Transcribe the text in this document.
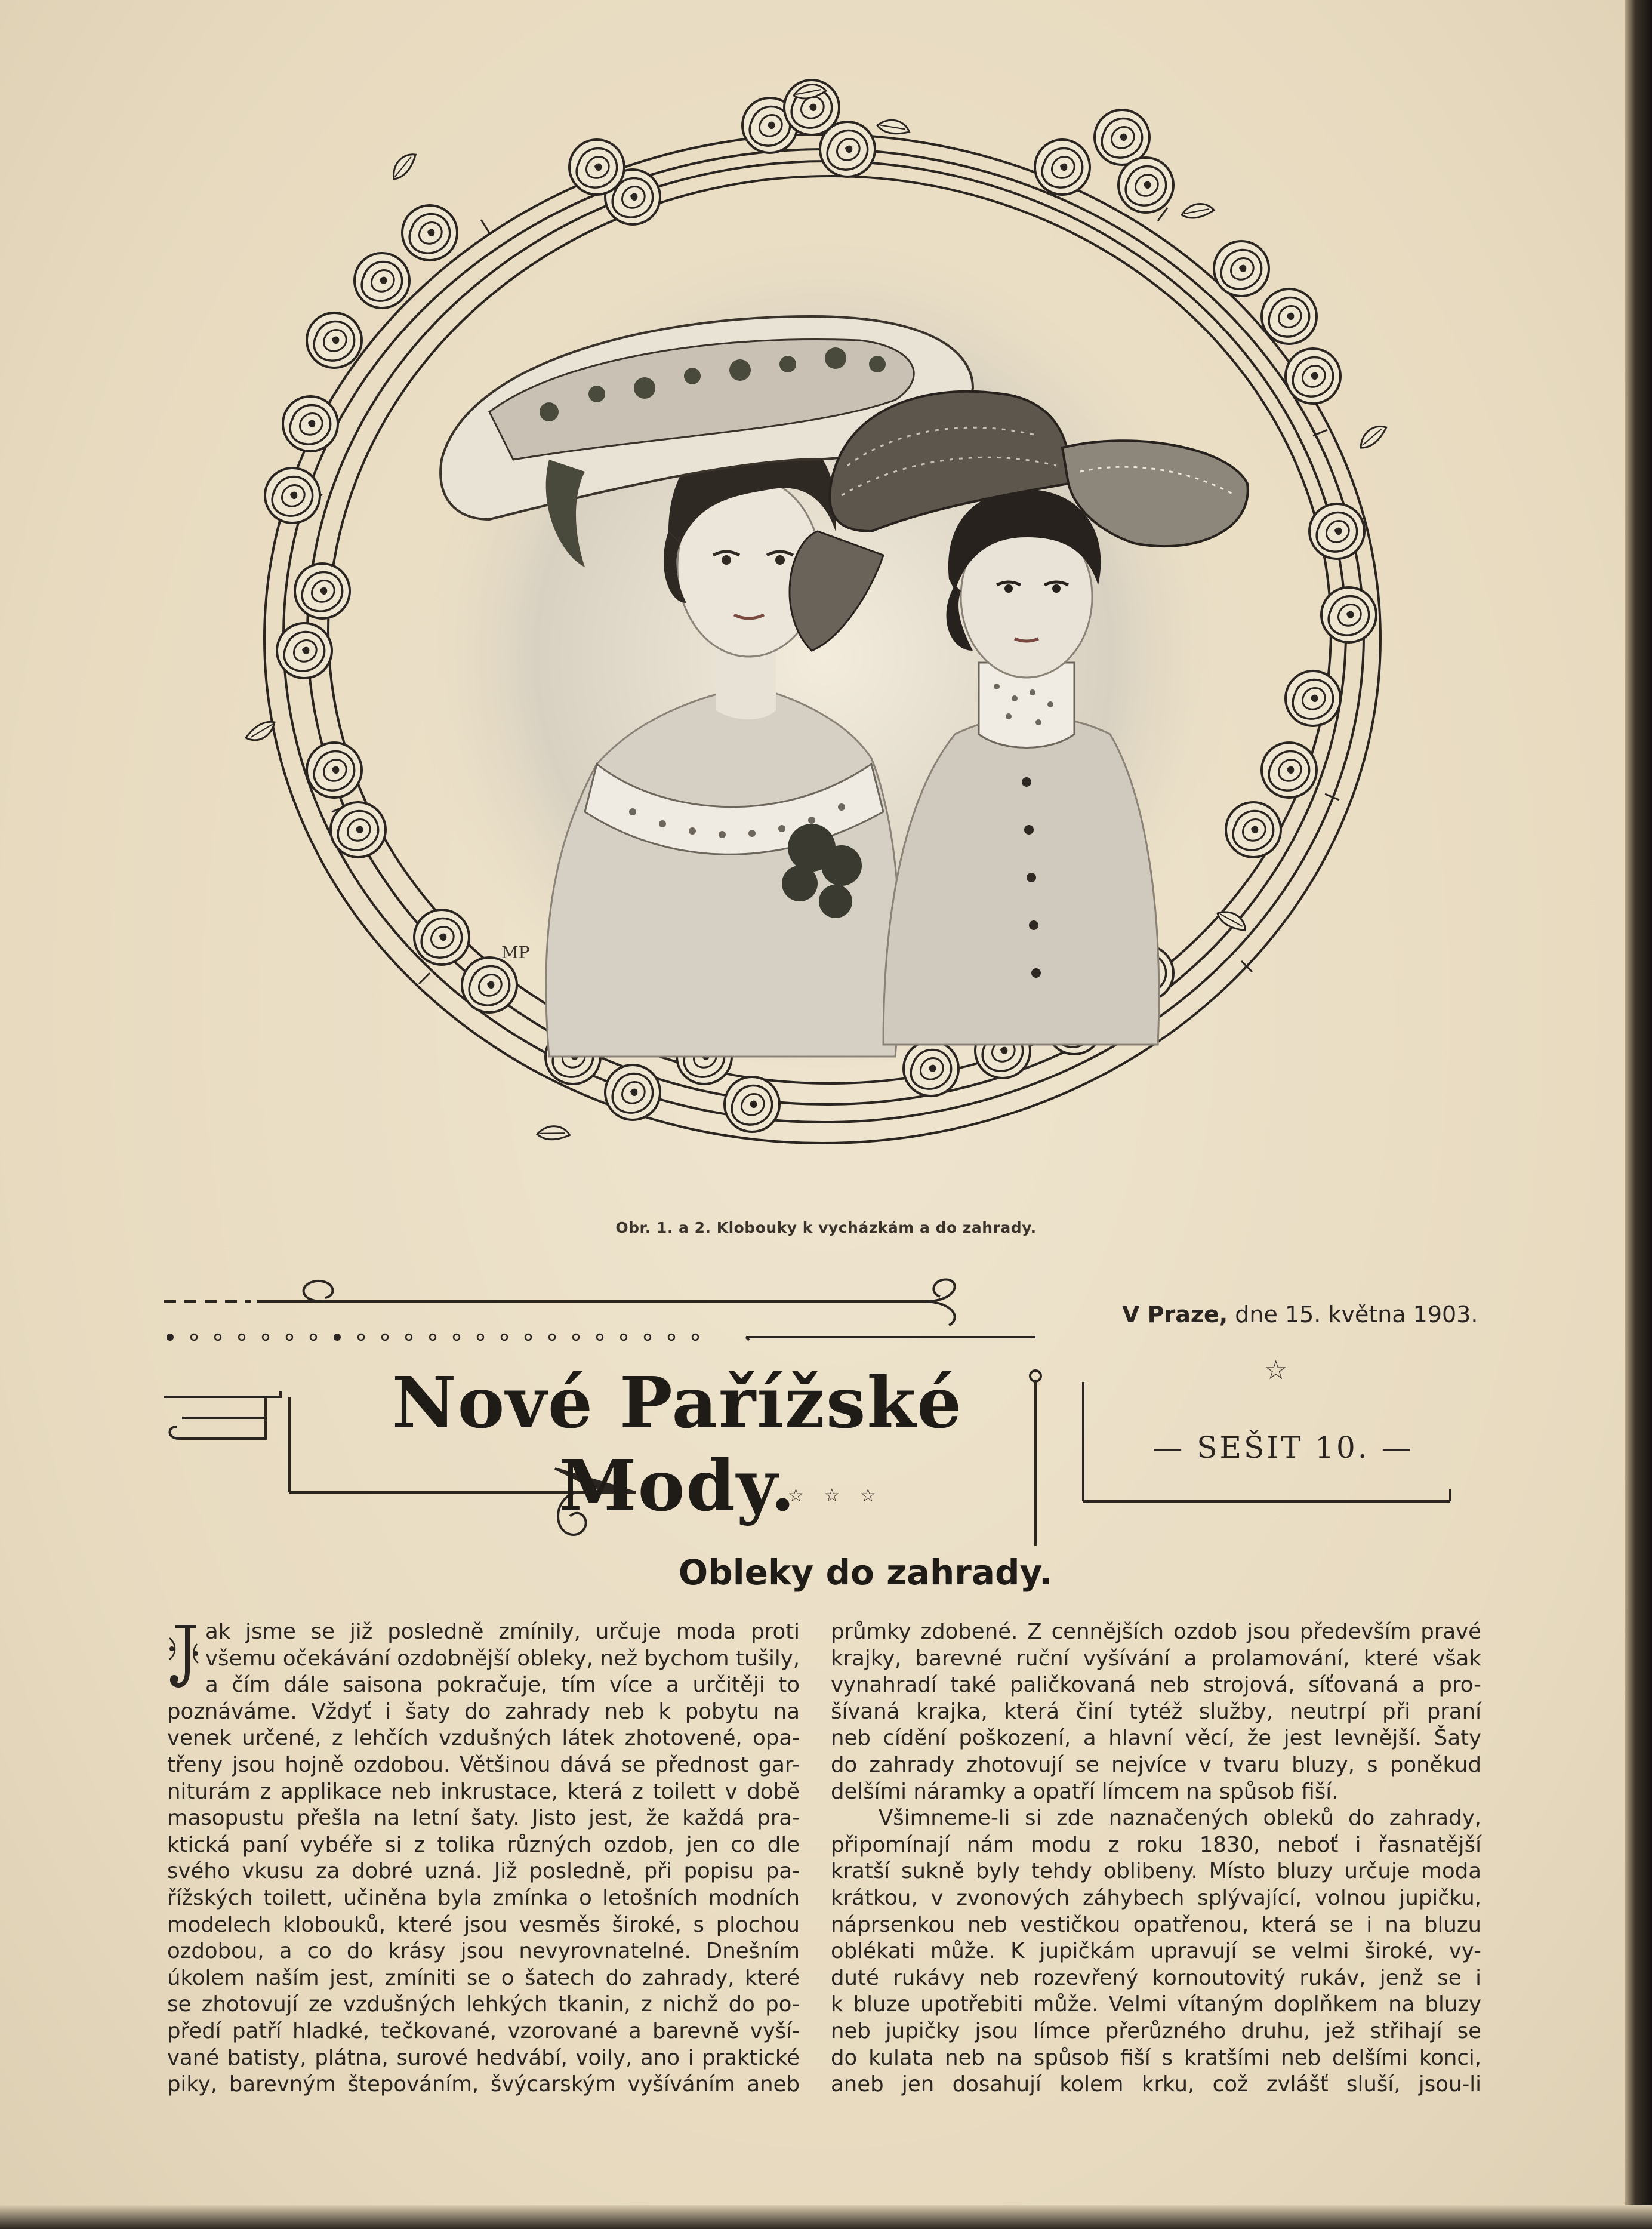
MP
Obr. 1. a 2. Klobouky k vycházkám a do zahrady.
Nové Pařížské Mody.
V Praze, dne 15. května 1903.
☆
— SEŠIT 10. —
☆ ☆ ☆
Obleky do zahrady.
ak jsme se již posledně zmínily, určuje moda proti
všemu očekávání ozdobnější obleky, než bychom tušily,
a čím dále saisona pokračuje, tím více a určitěji to
poznáváme. Vždyť i šaty do zahrady neb k pobytu na
venek určené, z lehčích vzdušných látek zhotovené, opa-
třeny jsou hojně ozdobou. Většinou dává se přednost gar-
niturám z applikace neb inkrustace, která z toilett v době
masopustu přešla na letní šaty. Jisto jest, že každá pra-
ktická paní vybéře si z tolika různých ozdob, jen co dle
svého vkusu za dobré uzná. Již posledně, při popisu pa-
řížských toilett, učiněna byla zmínka o letošních modních
modelech klobouků, které jsou vesměs široké, s plochou
ozdobou, a co do krásy jsou nevyrovnatelné. Dnešním
úkolem naším jest, zmíniti se o šatech do zahrady, které
se zhotovují ze vzdušných lehkých tkanin, z nichž do po-
předí patří hladké, tečkované, vzorované a barevně vyší-
vané batisty, plátna, surové hedvábí, voily, ano i praktické
piky, barevným štepováním, švýcarským vyšíváním aneb
průmky zdobené. Z cennějších ozdob jsou především pravé
krajky, barevné ruční vyšívání a prolamování, které však
vynahradí také paličkovaná neb strojová, síťovaná a pro-
šívaná krajka, která činí tytéž služby, neutrpí při praní
neb cídění poškození, a hlavní věcí, že jest levnější. Šaty
do zahrady zhotovují se nejvíce v tvaru bluzy, s poněkud
delšími náramky a opatří límcem na spůsob fiší.
Všimneme-li si zde naznačených obleků do zahrady,
připomínají nám modu z roku 1830, neboť i řasnatější
kratší sukně byly tehdy oblibeny. Místo bluzy určuje moda
krátkou, v zvonových záhybech splývající, volnou jupičku,
náprsenkou neb vestičkou opatřenou, která se i na bluzu
oblékati může. K jupičkám upravují se velmi široké, vy-
duté rukávy neb rozevřený kornoutovitý rukáv, jenž se i
k bluze upotřebiti může. Velmi vítaným doplňkem na bluzy
neb jupičky jsou límce přerůzného druhu, jež střihají se
do kulata neb na spůsob fiší s kratšími neb delšími konci,
aneb jen dosahují kolem krku, což zvlášť sluší, jsou-li
